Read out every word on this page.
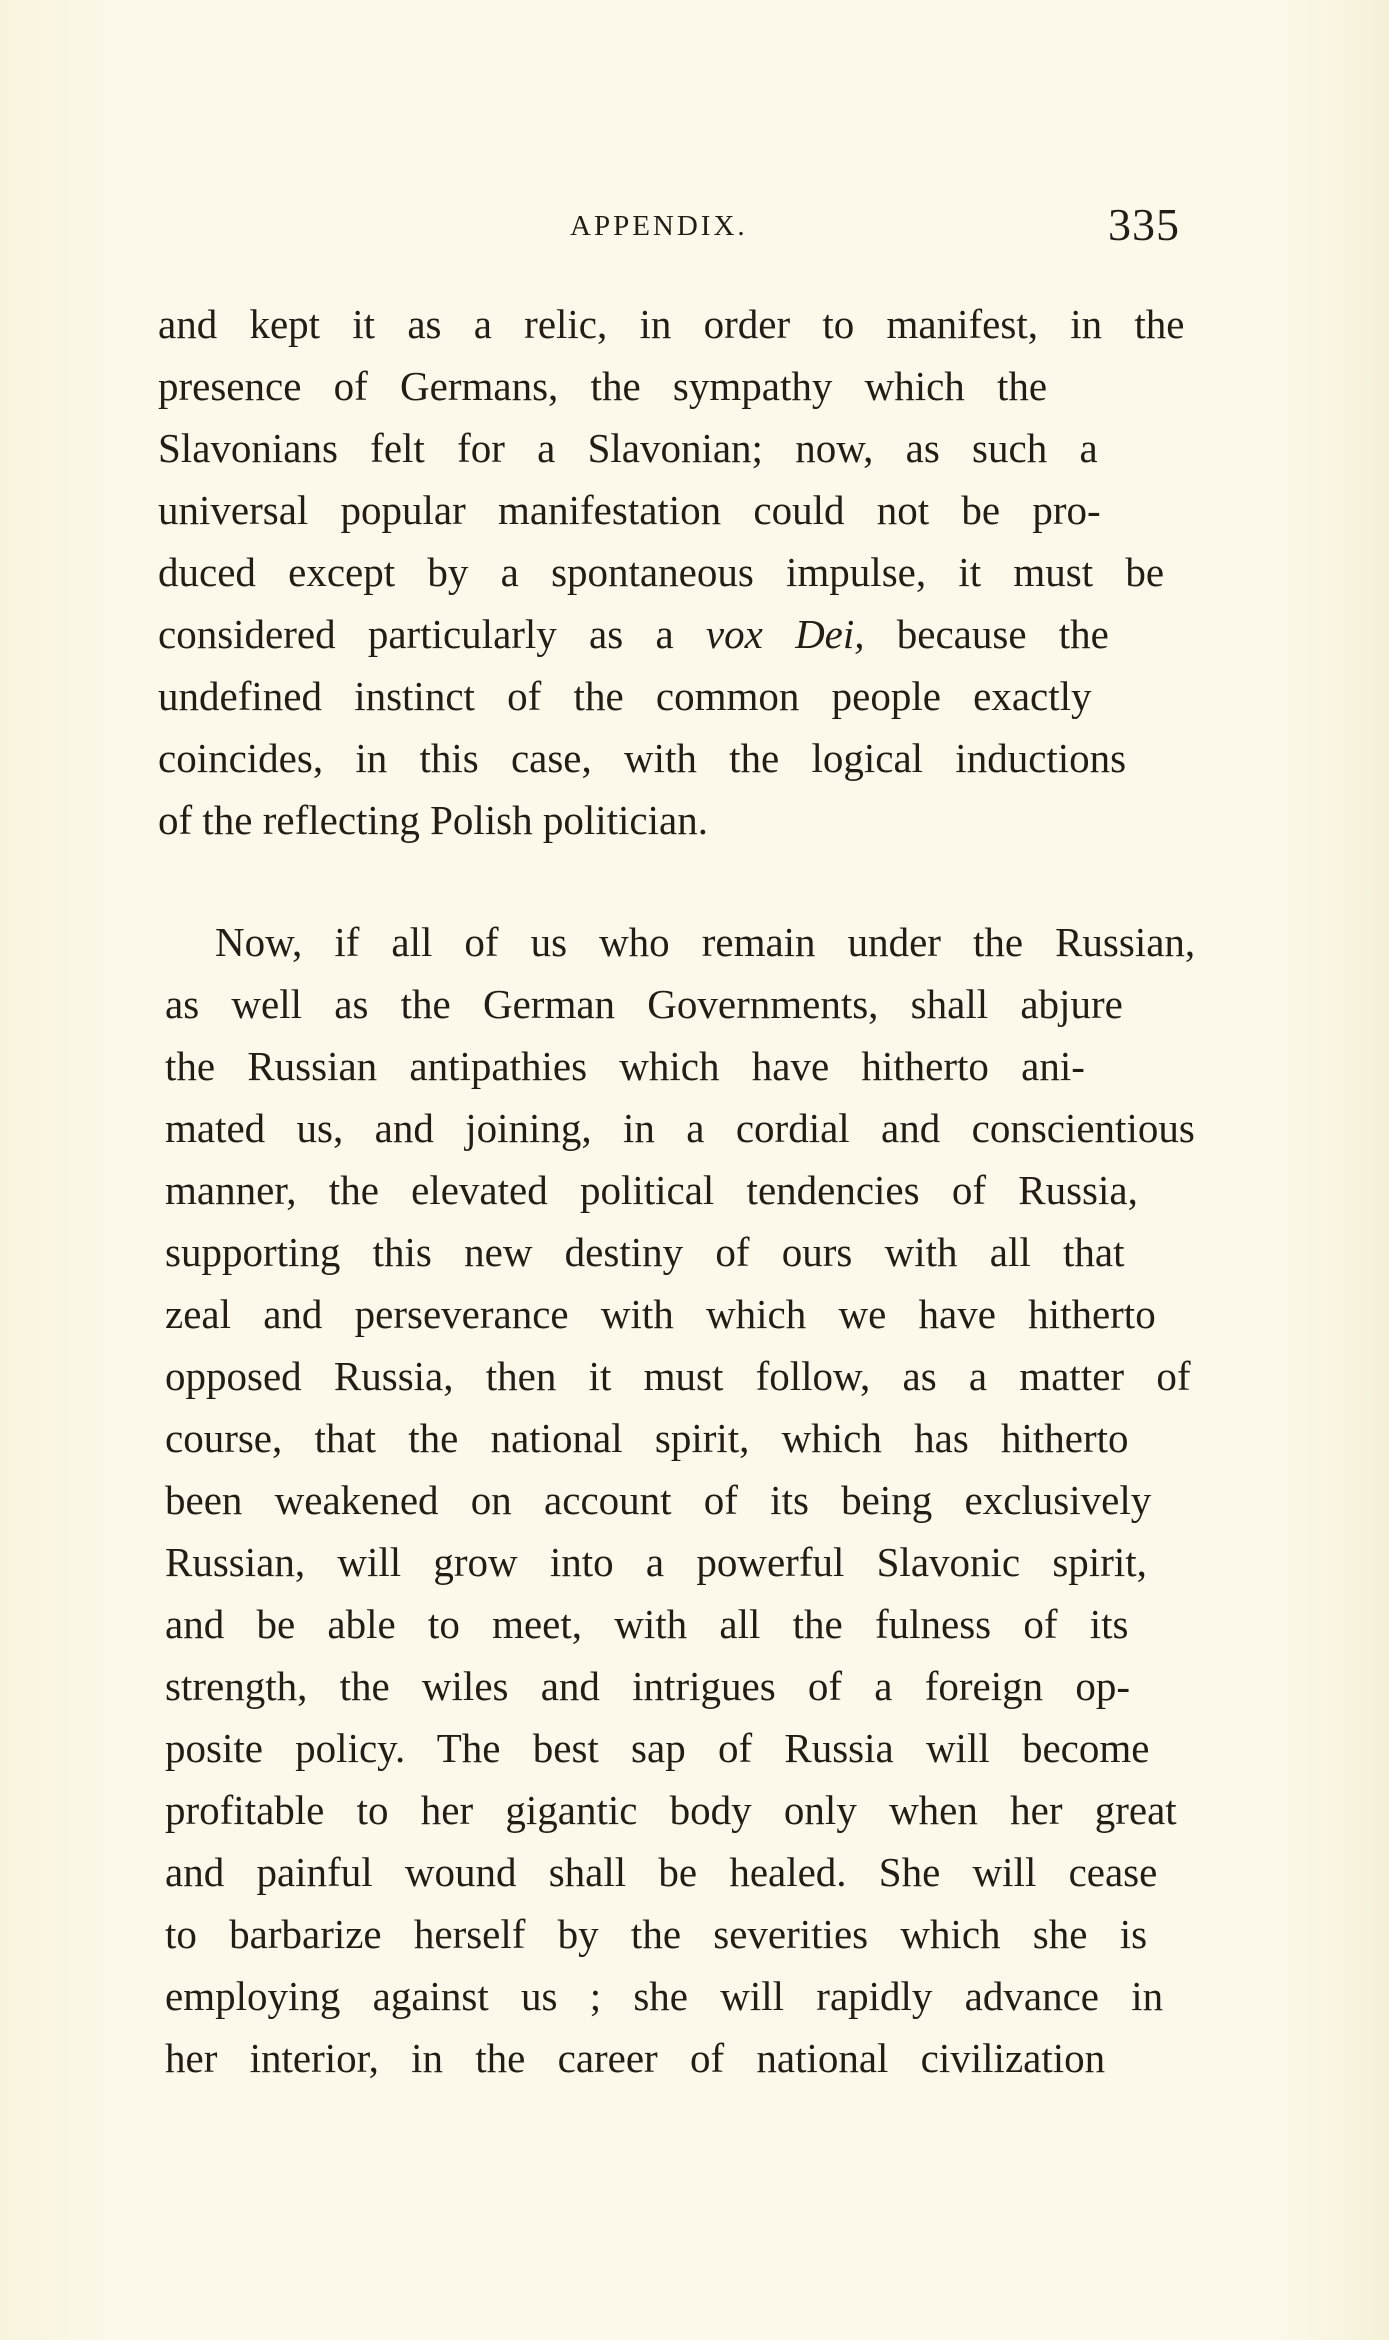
APPENDIX.	335
and kept it as a relic, in order to manifest, in the
presence of Germans, the sympathy which the
Slavonians felt for a Slavonian; now, as such a
universal popular manifestation could not be pro-
duced except by a spontaneous impulse, it must be
considered particularly as a vox Dei, because the
undefined instinct of the common people exactly
coincides, in this case, with the logical inductions
of the reflecting Polish politician.
Now, if all of us who remain under the Russian,
as well as the German Governments, shall abjure
the Russian antipathies which have hitherto ani-
mated us, and joining, in a cordial and conscientious
manner, the elevated political tendencies of Russia,
supporting this new destiny of ours with all that
zeal and perseverance with which we have hitherto
opposed Russia, then it must follow, as a matter of
course, that the national spirit, which has hitherto
been weakened on account of its being exclusively
Russian, will grow into a powerful Slavonic spirit,
and be able to meet, with all the fulness of its
strength, the wiles and intrigues of a foreign op-
posite policy. The best sap of Russia will become
profitable to her gigantic body only when her great
and painful wound shall be healed. She will cease
to barbarize herself by the severities which she is
employing against us ; she will rapidly advance in
her interior, in the career of national civilization
